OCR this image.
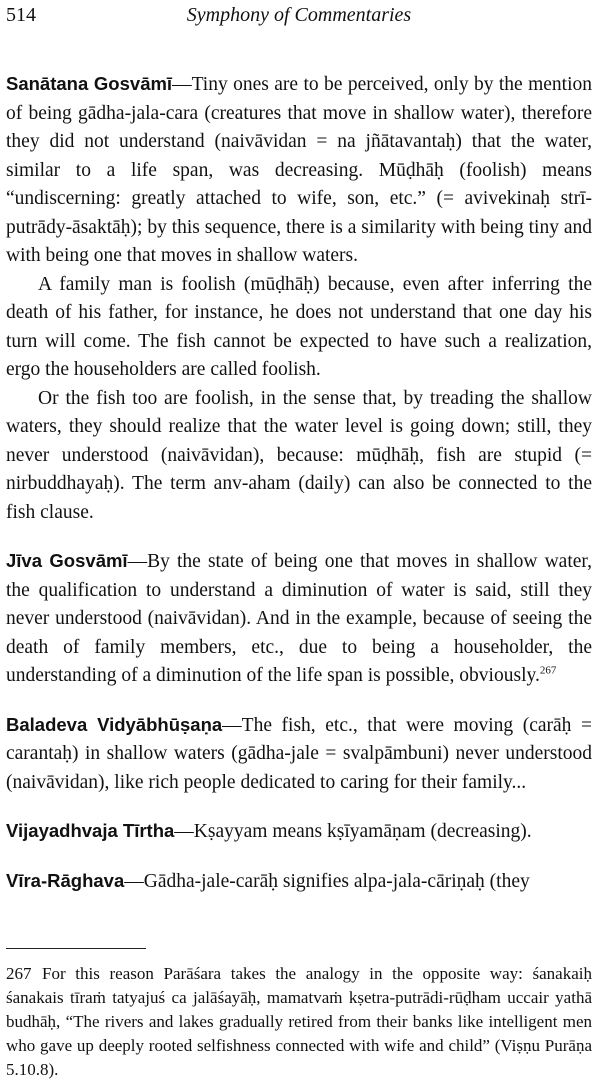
514	Symphony of Commentaries

Sanātana Gosvāmī—Tiny ones are to be perceived, only by the mention of being gādha-jala-cara (creatures that move in shallow water), therefore they did not understand (naivāvidan = na jñātavantaḥ) that the water, similar to a life span, was decreasing. Mūḍhāḥ (foolish) means “undiscerning: greatly attached to wife, son, etc.” (= avivekinaḥ strī-putrādy-āsaktāḥ); by this sequence, there is a similarity with being tiny and with being one that moves in shallow waters.

A family man is foolish (mūḍhāḥ) because, even after inferring the death of his father, for instance, he does not understand that one day his turn will come. The fish cannot be expected to have such a realization, ergo the householders are called foolish.

Or the fish too are foolish, in the sense that, by treading the shallow waters, they should realize that the water level is going down; still, they never understood (naivāvidan), because: mūḍhāḥ, fish are stupid (= nirbuddhayaḥ). The term anv-aham (daily) can also be connected to the fish clause.

Jīva Gosvāmī—By the state of being one that moves in shallow water, the qualification to understand a diminution of water is said, still they never understood (naivāvidan). And in the example, because of seeing the death of family members, etc., due to being a householder, the understanding of a diminution of the life span is possible, obviously.$^{267}$

Baladeva Vidyābhūṣaṇa—The fish, etc., that were moving (carāḥ = carantaḥ) in shallow waters (gādha-jale = svalpāmbuni) never understood (naivāvidan), like rich people dedicated to caring for their family...

Vijayadhvaja Tīrtha—Kṣayyam means kṣīyamāṇam (decreasing).

Vīra-Rāghava—Gādha-jale-carāḥ signifies alpa-jala-cāriṇaḥ (they

267 For this reason Parāśara takes the analogy in the opposite way: śanakaiḥ śanakais tīraṁ tatyajuś ca jalāśayāḥ, mamatvaṁ kṣetra-putrādi-rūḍham uccair yathā budhāḥ, “The rivers and lakes gradually retired from their banks like intelligent men who gave up deeply rooted selfishness connected with wife and child” (Viṣṇu Purāṇa 5.10.8).
